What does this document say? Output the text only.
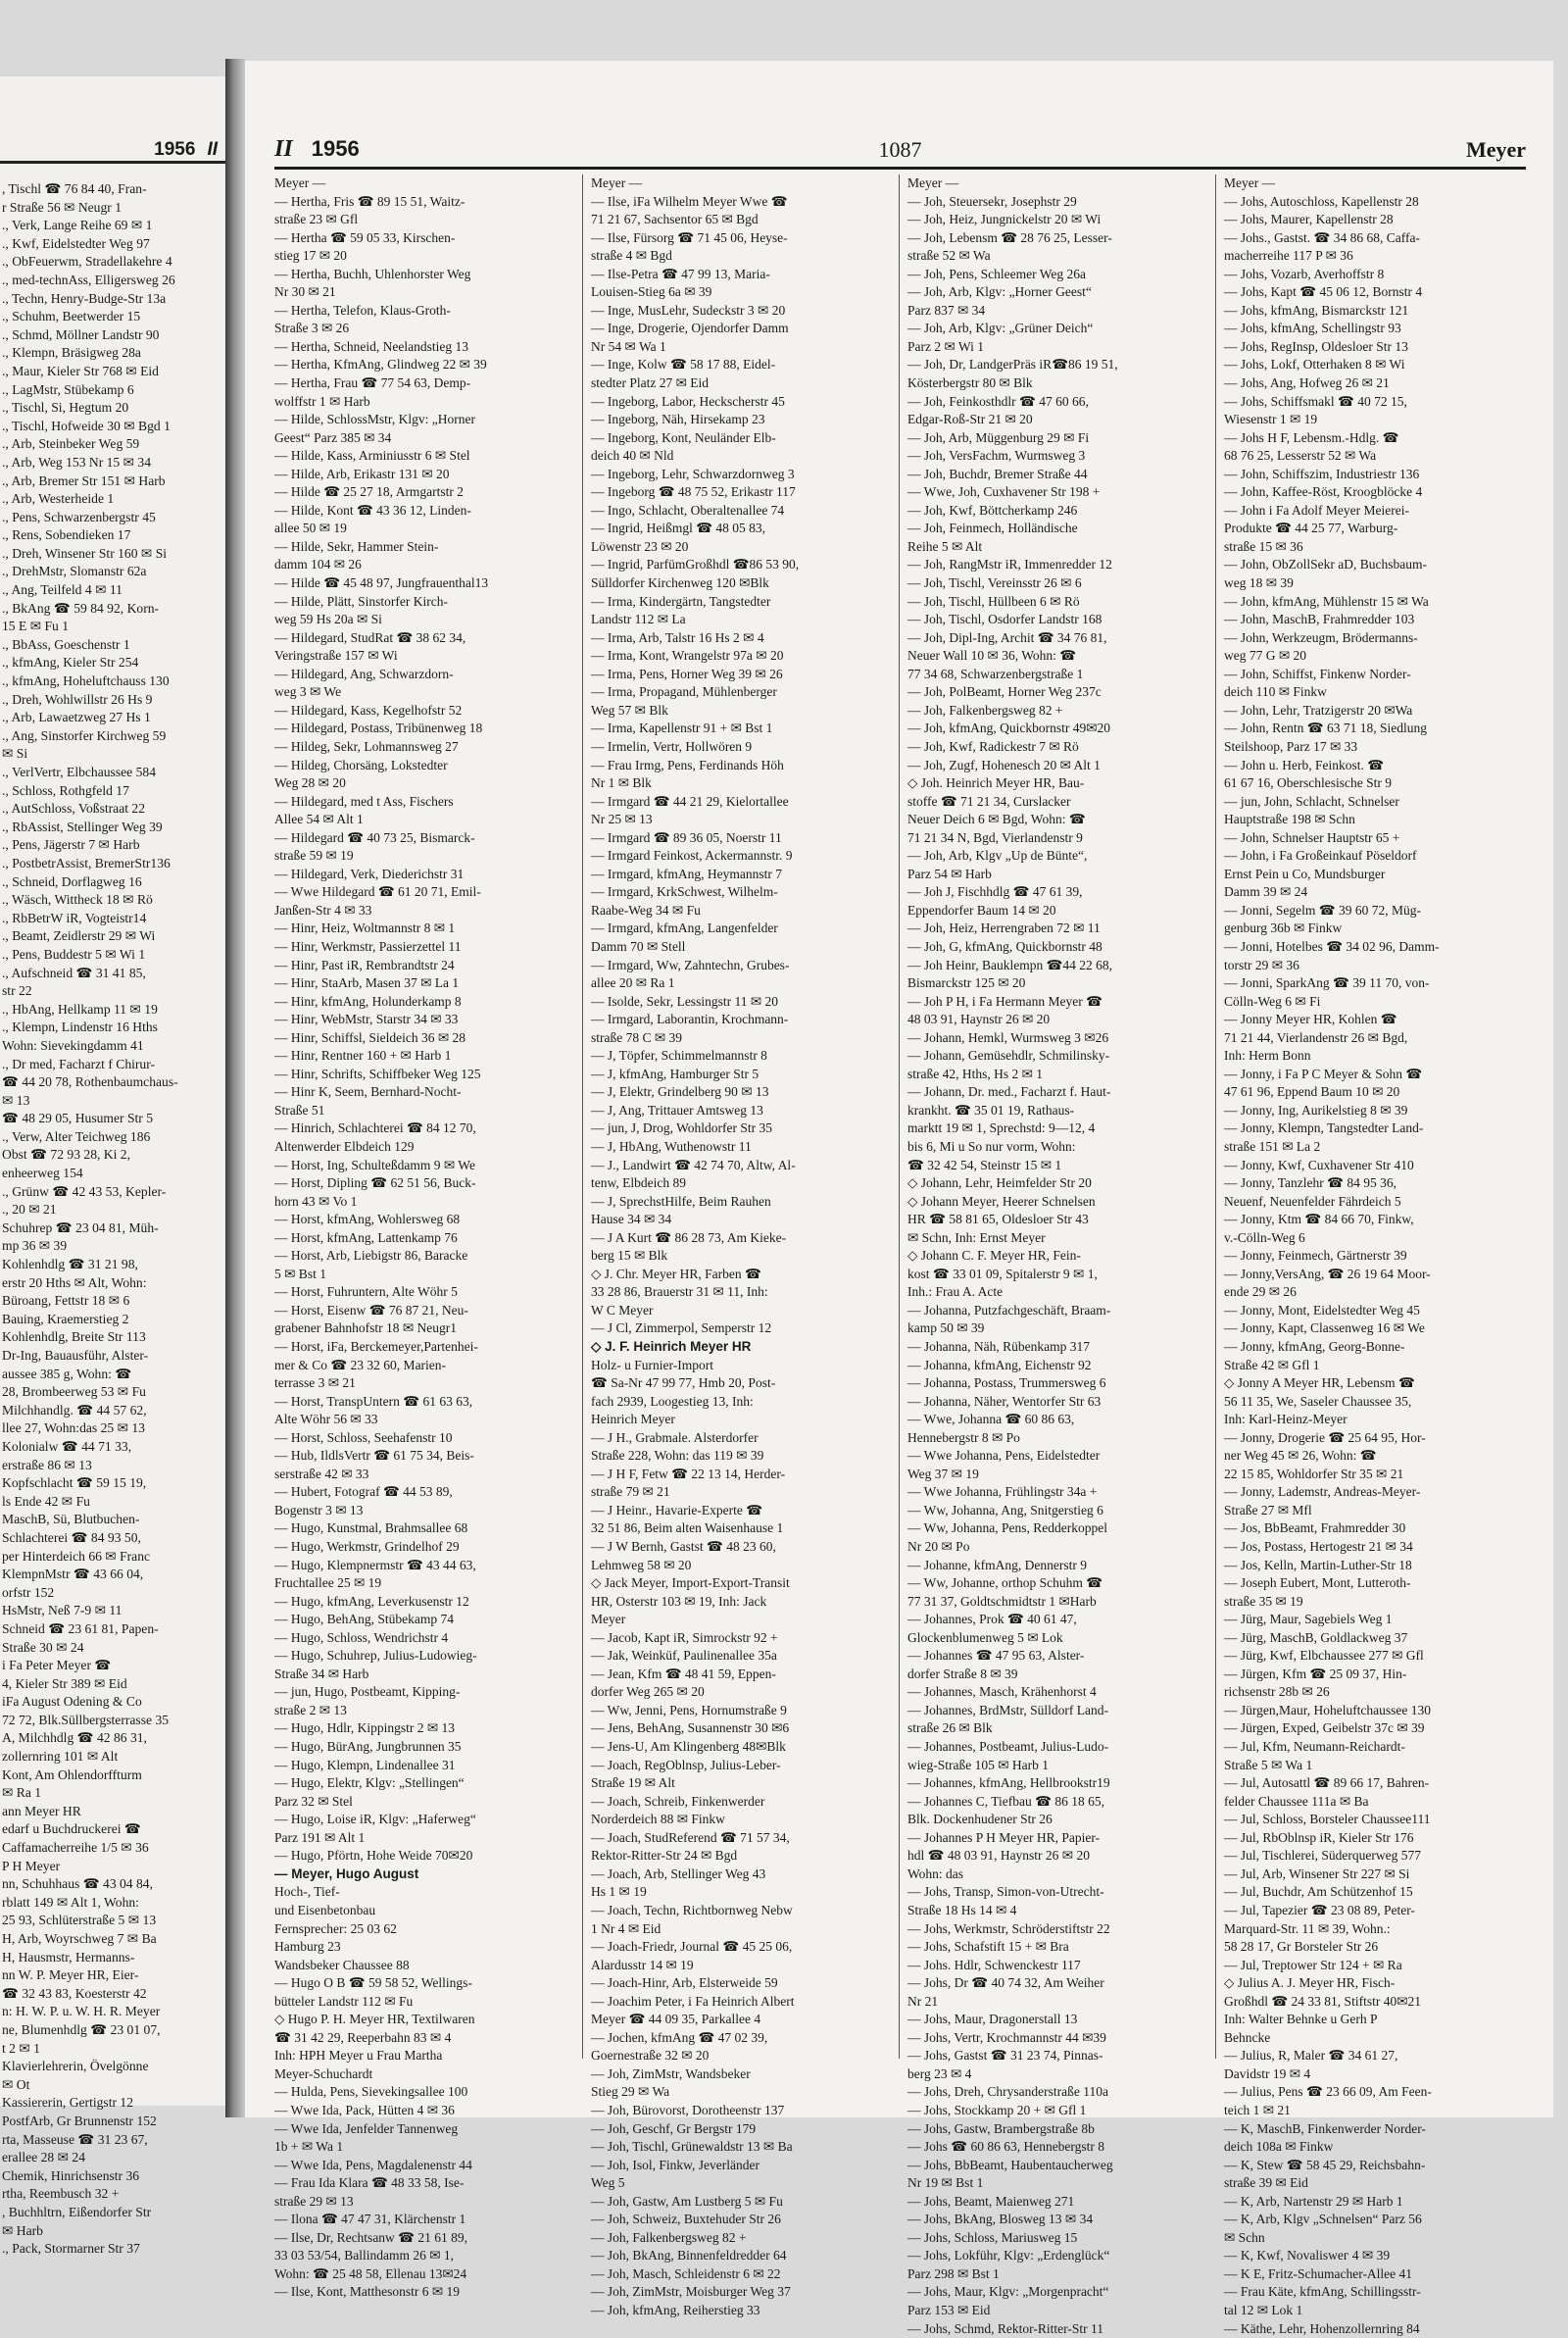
1956 II
, Tischl ☎ 76 84 40, Fran-
r Straße 56 ✉ Neugr 1
., Verk, Lange Reihe 69 ✉ 1
., Kwf, Eidelstedter Weg 97
., ObFeuerwm, Stradellakehre 4
., med-technAss, Elligersweg 26
., Techn, Henry-Budge-Str 13a
., Schuhm, Beetwerder 15
., Schmd, Möllner Landstr 90
., Klempn, Bräsigweg 28a
., Maur, Kieler Str 768 ✉ Eid
., LagMstr, Stübekamp 6
., Tischl, Si, Hegtum 20
., Tischl, Hofweide 30 ✉ Bgd 1
., Arb, Steinbeker Weg 59
., Arb, Weg 153 Nr 15 ✉ 34
., Arb, Bremer Str 151 ✉ Harb
., Arb, Westerheide 1
., Pens, Schwarzenbergstr 45
., Rens, Sobendieken 17
., Dreh, Winsener Str 160 ✉ Si
., DrehMstr, Slomanstr 62a
., Ang, Teilfeld 4 ✉ 11
., BkAng ☎ 59 84 92, Korn-
15 E ✉ Fu 1
., BbAss, Goeschenstr 1
., kfmAng, Kieler Str 254
., kfmAng, Hoheluftchauss 130
., Dreh, Wohlwillstr 26 Hs 9
., Arb, Lawaetzweg 27 Hs 1
., Ang, Sinstorfer Kirchweg 59
✉ Si
., VerlVertr, Elbchaussee 584
., Schloss, Rothgfeld 17
., AutSchloss, Voßstraat 22
., RbAssist, Stellinger Weg 39
., Pens, Jägerstr 7 ✉ Harb
., PostbetrAssist, BremerStr136
., Schneid, Dorflagweg 16
., Wäsch, Wittheck 18 ✉ Rö
., RbBetrW iR, Vogteistr14
., Beamt, Zeidlerstr 29 ✉ Wi
., Pens, Buddestr 5 ✉ Wi 1
., Aufschneid ☎ 31 41 85,
str 22
., HbAng, Hellkamp 11 ✉ 19
., Klempn, Lindenstr 16 Hths
Wohn: Sievekingdamm 41
., Dr med, Facharzt f Chirur-
☎ 44 20 78, Rothenbaumchaus-
✉ 13
☎ 48 29 05, Husumer Str 5
., Verw, Alter Teichweg 186
Obst ☎ 72 93 28, Ki 2,
enheerweg 154
., Grünw ☎ 42 43 53, Kepler-
., 20 ✉ 21
Schuhrep ☎ 23 04 81, Müh-
mp 36 ✉ 39
Kohlenhdlg ☎ 31 21 98,
erstr 20 Hths ✉ Alt, Wohn:
Büroang, Fettstr 18 ✉ 6
Bauing, Kraemerstieg 2
Kohlenhdlg, Breite Str 113
Dr-Ing, Bauausführ, Alster-
aussee 385 g, Wohn: ☎
28, Brombeerweg 53 ✉ Fu
Milchhandlg. ☎ 44 57 62,
llee 27, Wohn:das 25 ✉ 13
Kolonialw ☎ 44 71 33,
erstraße 86 ✉ 13
Kopfschlacht ☎ 59 15 19,
ls Ende 42 ✉ Fu
MaschB, Sü, Blutbuchen-
Schlachterei ☎ 84 93 50,
per Hinterdeich 66 ✉ Franc
KlempnMstr ☎ 43 66 04,
orfstr 152
HsMstr, Neß 7-9 ✉ 11
Schneid ☎ 23 61 81, Papen-
Straße 30 ✉ 24
i Fa Peter Meyer ☎
4, Kieler Str 389 ✉ Eid
iFa August Odening & Co
72 72, Blk.Süllbergsterrasse 35
A, Milchhdlg ☎ 42 86 31,
zollernring 101 ✉ Alt
Kont, Am Ohlendorffturm
✉ Ra 1
ann Meyer HR
edarf u Buchdruckerei ☎
Caffamacherreihe 1/5 ✉ 36
P H Meyer
nn, Schuhhaus ☎ 43 04 84,
rblatt 149 ✉ Alt 1, Wohn:
25 93, Schlüterstraße 5 ✉ 13
H, Arb, Woyrschweg 7 ✉ Ba
H, Hausmstr, Hermanns-
nn W. P. Meyer HR, Eier-
☎ 32 43 83, Koesterstr 42
n: H. W. P. u. W. H. R. Meyer
ne, Blumenhdlg ☎ 23 01 07,
t 2 ✉ 1
Klavierlehrerin, Övelgönne
✉ Ot
Kassiererin, Gertigstr 12
PostfArb, Gr Brunnenstr 152
rta, Masseuse ☎ 31 23 67,
erallee 28 ✉ 24
Chemik, Hinrichsenstr 36
rtha, Reembusch 32 +
, Buchhltrn, Eißendorfer Str
✉ Harb
., Pack, Stormarner Str 37
II 1956	1087	Meyer
Meyer —
— Hertha, Fris ☎ 89 15 51, Waitz-
straße 23 ✉ Gfl
— Hertha ☎ 59 05 33, Kirschen-
stieg 17 ✉ 20
— Hertha, Buchh, Uhlenhorster Weg
Nr 30 ✉ 21
— Hertha, Telefon, Klaus-Groth-
Straße 3 ✉ 26
— Hertha, Schneid, Neelandstieg 13
— Hertha, KfmAng, Glindweg 22 ✉ 39
— Hertha, Frau ☎ 77 54 63, Demp-
wolffstr 1 ✉ Harb
— Hilde, SchlossMstr, Klgv: „Horner
Geest“ Parz 385 ✉ 34
— Hilde, Kass, Arminiusstr 6 ✉ Stel
— Hilde, Arb, Erikastr 131 ✉ 20
— Hilde ☎ 25 27 18, Armgartstr 2
— Hilde, Kont ☎ 43 36 12, Linden-
allee 50 ✉ 19
— Hilde, Sekr, Hammer Stein-
damm 104 ✉ 26
— Hilde ☎ 45 48 97, Jungfrauenthal13
— Hilde, Plätt, Sinstorfer Kirch-
weg 59 Hs 20a ✉ Si
— Hildegard, StudRat ☎ 38 62 34,
Veringstraße 157 ✉ Wi
— Hildegard, Ang, Schwarzdorn-
weg 3 ✉ We
— Hildegard, Kass, Kegelhofstr 52
— Hildegard, Postass, Tribünenweg 18
— Hildeg, Sekr, Lohmannsweg 27
— Hildeg, Chorsäng, Lokstedter
Weg 28 ✉ 20
— Hildegard, med t Ass, Fischers
Allee 54 ✉ Alt 1
— Hildegard ☎ 40 73 25, Bismarck-
straße 59 ✉ 19
— Hildegard, Verk, Diederichstr 31
— Wwe Hildegard ☎ 61 20 71, Emil-
Janßen-Str 4 ✉ 33
— Hinr, Heiz, Woltmannstr 8 ✉ 1
— Hinr, Werkmstr, Passierzettel 11
— Hinr, Past iR, Rembrandtstr 24
— Hinr, StaArb, Masen 37 ✉ La 1
— Hinr, kfmAng, Holunderkamp 8
— Hinr, WebMstr, Starstr 34 ✉ 33
— Hinr, Schiffsl, Sieldeich 36 ✉ 28
— Hinr, Rentner 160 + ✉ Harb 1
— Hinr, Schrifts, Schiffbeker Weg 125
— Hinr K, Seem, Bernhard-Nocht-
Straße 51
— Hinrich, Schlachterei ☎ 84 12 70,
Altenwerder Elbdeich 129
— Horst, Ing, Schulteßdamm 9 ✉ We
— Horst, Dipling ☎ 62 51 56, Buck-
horn 43 ✉ Vo 1
— Horst, kfmAng, Wohlersweg 68
— Horst, kfmAng, Lattenkamp 76
— Horst, Arb, Liebigstr 86, Baracke
5 ✉ Bst 1
— Horst, Fuhruntern, Alte Wöhr 5
— Horst, Eisenw ☎ 76 87 21, Neu-
grabener Bahnhofstr 18 ✉ Neugr1
— Horst, iFa, Berckemeyer,Partenhei-
mer & Co ☎ 23 32 60, Marien-
terrasse 3 ✉ 21
— Horst, TranspUntern ☎ 61 63 63,
Alte Wöhr 56 ✉ 33
— Horst, Schloss, Seehafenstr 10
— Hub, IldlsVertr ☎ 61 75 34, Beis-
serstraße 42 ✉ 33
— Hubert, Fotograf ☎ 44 53 89,
Bogenstr 3 ✉ 13
— Hugo, Kunstmal, Brahmsallee 68
— Hugo, Werkmstr, Grindelhof 29
— Hugo, Klempnermstr ☎ 43 44 63,
Fruchtallee 25 ✉ 19
— Hugo, kfmAng, Leverkusenstr 12
— Hugo, BehAng, Stübekamp 74
— Hugo, Schloss, Wendrichstr 4
— Hugo, Schuhrep, Julius-Ludowieg-
Straße 34 ✉ Harb
— jun, Hugo, Postbeamt, Kipping-
straße 2 ✉ 13
— Hugo, Hdlr, Kippingstr 2 ✉ 13
— Hugo, BürAng, Jungbrunnen 35
— Hugo, Klempn, Lindenallee 31
— Hugo, Elektr, Klgv: „Stellingen“
Parz 32 ✉ Stel
— Hugo, Loise iR, Klgv: „Haferweg“
Parz 191 ✉ Alt 1
— Hugo, Pförtn, Hohe Weide 70✉20
— Meyer, Hugo August
Hoch-, Tief-
und Eisenbetonbau
Fernsprecher: 25 03 62
Hamburg 23
Wandsbeker Chaussee 88
— Hugo O B ☎ 59 58 52, Wellings-
bütteler Landstr 112 ✉ Fu
◇ Hugo P. H. Meyer HR, Textilwaren
☎ 31 42 29, Reeperbahn 83 ✉ 4
Inh: HPH Meyer u Frau Martha
Meyer-Schuchardt
— Hulda, Pens, Sievekingsallee 100
— Wwe Ida, Pack, Hütten 4 ✉ 36
— Wwe Ida, Jenfelder Tannenweg
1b + ✉ Wa 1
— Wwe Ida, Pens, Magdalenenstr 44
— Frau Ida Klara ☎ 48 33 58, Ise-
straße 29 ✉ 13
— Ilona ☎ 47 47 31, Klärchenstr 1
— Ilse, Dr, Rechtsanw ☎ 21 61 89,
33 03 53/54, Ballindamm 26 ✉ 1,
Wohn: ☎ 25 48 58, Ellenau 13✉24
— Ilse, Kont, Matthesonstr 6 ✉ 19
Meyer —
— Ilse, iFa Wilhelm Meyer Wwe ☎
71 21 67, Sachsentor 65 ✉ Bgd
— Ilse, Fürsorg ☎ 71 45 06, Heyse-
straße 4 ✉ Bgd
— Ilse-Petra ☎ 47 99 13, Maria-
Louisen-Stieg 6a ✉ 39
— Inge, MusLehr, Sudeckstr 3 ✉ 20
— Inge, Drogerie, Ojendorfer Damm
Nr 54 ✉ Wa 1
— Inge, Kolw ☎ 58 17 88, Eidel-
stedter Platz 27 ✉ Eid
— Ingeborg, Labor, Heckscherstr 45
— Ingeborg, Näh, Hirsekamp 23
— Ingeborg, Kont, Neuländer Elb-
deich 40 ✉ Nld
— Ingeborg, Lehr, Schwarzdornweg 3
— Ingeborg ☎ 48 75 52, Erikastr 117
— Ingo, Schlacht, Oberaltenallee 74
— Ingrid, Heißmgl ☎ 48 05 83,
Löwenstr 23 ✉ 20
— Ingrid, ParfümGroßhdl ☎86 53 90,
Sülldorfer Kirchenweg 120 ✉Blk
— Irma, Kindergärtn, Tangstedter
Landstr 112 ✉ La
— Irma, Arb, Talstr 16 Hs 2 ✉ 4
— Irma, Kont, Wrangelstr 97a ✉ 20
— Irma, Pens, Horner Weg 39 ✉ 26
— Irma, Propagand, Mühlenberger
Weg 57 ✉ Blk
— Irma, Kapellenstr 91 + ✉ Bst 1
— Irmelin, Vertr, Hollwören 9
— Frau Irmg, Pens, Ferdinands Höh
Nr 1 ✉ Blk
— Irmgard ☎ 44 21 29, Kielortallee
Nr 25 ✉ 13
— Irmgard ☎ 89 36 05, Noerstr 11
— Irmgard Feinkost, Ackermannstr. 9
— Irmgard, kfmAng, Heymannstr 7
— Irmgard, KrkSchwest, Wilhelm-
Raabe-Weg 34 ✉ Fu
— Irmgard, kfmAng, Langenfelder
Damm 70 ✉ Stell
— Irmgard, Ww, Zahntechn, Grubes-
allee 20 ✉ Ra 1
— Isolde, Sekr, Lessingstr 11 ✉ 20
— Irmgard, Laborantin, Krochmann-
straße 78 C ✉ 39
— J, Töpfer, Schimmelmannstr 8
— J, kfmAng, Hamburger Str 5
— J, Elektr, Grindelberg 90 ✉ 13
— J, Ang, Trittauer Amtsweg 13
— jun, J, Drog, Wohldorfer Str 35
— J, HbAng, Wuthenowstr 11
— J., Landwirt ☎ 42 74 70, Altw, Al-
tenw, Elbdeich 89
— J, SprechstHilfe, Beim Rauhen
Hause 34 ✉ 34
— J A Kurt ☎ 86 28 73, Am Kieke-
berg 15 ✉ Blk
◇ J. Chr. Meyer HR, Farben ☎
33 28 86, Brauerstr 31 ✉ 11, Inh:
W C Meyer
— J Cl, Zimmerpol, Semperstr 12
◇ J. F. Heinrich Meyer HR
Holz- u Furnier-Import
☎ Sa-Nr 47 99 77, Hmb 20, Post-
fach 2939, Loogestieg 13, Inh:
Heinrich Meyer
— J H., Grabmale. Alsterdorfer
Straße 228, Wohn: das 119 ✉ 39
— J H F, Fetw ☎ 22 13 14, Herder-
straße 79 ✉ 21
— J Heinr., Havarie-Experte ☎
32 51 86, Beim alten Waisenhause 1
— J W Bernh, Gastst ☎ 48 23 60,
Lehmweg 58 ✉ 20
◇ Jack Meyer, Import-Export-Transit
HR, Osterstr 103 ✉ 19, Inh: Jack
Meyer
— Jacob, Kapt iR, Simrockstr 92 +
— Jak, Weinküf, Paulinenallee 35a
— Jean, Kfm ☎ 48 41 59, Eppen-
dorfer Weg 265 ✉ 20
— Ww, Jenni, Pens, Hornumstraße 9
— Jens, BehAng, Susannenstr 30 ✉6
— Jens-U, Am Klingenberg 48✉Blk
— Joach, RegOblnsp, Julius-Leber-
Straße 19 ✉ Alt
— Joach, Schreib, Finkenwerder
Norderdeich 88 ✉ Finkw
— Joach, StudReferend ☎ 71 57 34,
Rektor-Ritter-Str 24 ✉ Bgd
— Joach, Arb, Stellinger Weg 43
Hs 1 ✉ 19
— Joach, Techn, Richtbornweg Nebw
1 Nr 4 ✉ Eid
— Joach-Friedr, Journal ☎ 45 25 06,
Alardusstr 14 ✉ 19
— Joach-Hinr, Arb, Elsterweide 59
— Joachim Peter, i Fa Heinrich Albert
Meyer ☎ 44 09 35, Parkallee 4
— Jochen, kfmAng ☎ 47 02 39,
Goernestraße 32 ✉ 20
— Joh, ZimMstr, Wandsbeker
Stieg 29 ✉ Wa
— Joh, Bürovorst, Dorotheenstr 137
— Joh, Geschf, Gr Bergstr 179
— Joh, Tischl, Grünewaldstr 13 ✉ Ba
— Joh, Isol, Finkw, Jeverländer
Weg 5
— Joh, Gastw, Am Lustberg 5 ✉ Fu
— Joh, Schweiz, Buxtehuder Str 26
— Joh, Falkenbergsweg 82 +
— Joh, BkAng, Binnenfeldredder 64
— Joh, Masch, Schleidenstr 6 ✉ 22
— Joh, ZimMstr, Moisburger Weg 37
— Joh, kfmAng, Reiherstieg 33
Meyer —
— Joh, Steuersekr, Josephstr 29
— Joh, Heiz, Jungnickelstr 20 ✉ Wi
— Joh, Lebensm ☎ 28 76 25, Lesser-
straße 52 ✉ Wa
— Joh, Pens, Schleemer Weg 26a
— Joh, Arb, Klgv: „Horner Geest“
Parz 837 ✉ 34
— Joh, Arb, Klgv: „Grüner Deich“
Parz 2 ✉ Wi 1
— Joh, Dr, LandgerPräs iR☎86 19 51,
Kösterbergstr 80 ✉ Blk
— Joh, Feinkosthdlr ☎ 47 60 66,
Edgar-Roß-Str 21 ✉ 20
— Joh, Arb, Müggenburg 29 ✉ Fi
— Joh, VersFachm, Wurmsweg 3
— Joh, Buchdr, Bremer Straße 44
— Wwe, Joh, Cuxhavener Str 198 +
— Joh, Kwf, Böttcherkamp 246
— Joh, Feinmech, Holländische
Reihe 5 ✉ Alt
— Joh, RangMstr iR, Immenredder 12
— Joh, Tischl, Vereinsstr 26 ✉ 6
— Joh, Tischl, Hüllbeen 6 ✉ Rö
— Joh, Tischl, Osdorfer Landstr 168
— Joh, Dipl-Ing, Archit ☎ 34 76 81,
Neuer Wall 10 ✉ 36, Wohn: ☎
77 34 68, Schwarzenbergstraße 1
— Joh, PolBeamt, Horner Weg 237c
— Joh, Falkenbergsweg 82 +
— Joh, kfmAng, Quickbornstr 49✉20
— Joh, Kwf, Radickestr 7 ✉ Rö
— Joh, Zugf, Hohenesch 20 ✉ Alt 1
◇ Joh. Heinrich Meyer HR, Bau-
stoffe ☎ 71 21 34, Curslacker
Neuer Deich 6 ✉ Bgd, Wohn: ☎
71 21 34 N, Bgd, Vierlandenstr 9
— Joh, Arb, Klgv „Up de Bünte“,
Parz 54 ✉ Harb
— Joh J, Fischhdlg ☎ 47 61 39,
Eppendorfer Baum 14 ✉ 20
— Joh, Heiz, Herrengraben 72 ✉ 11
— Joh, G, kfmAng, Quickbornstr 48
— Joh Heinr, Bauklempn ☎44 22 68,
Bismarckstr 125 ✉ 20
— Joh P H, i Fa Hermann Meyer ☎
48 03 91, Haynstr 26 ✉ 20
— Johann, Hemkl, Wurmsweg 3 ✉26
— Johann, Gemüsehdlr, Schmilinsky-
straße 42, Hths, Hs 2 ✉ 1
— Johann, Dr. med., Facharzt f. Haut-
krankht. ☎ 35 01 19, Rathaus-
marktt 19 ✉ 1, Sprechstd: 9—12, 4
bis 6, Mi u So nur vorm, Wohn:
☎ 32 42 54, Steinstr 15 ✉ 1
◇ Johann, Lehr, Heimfelder Str 20
◇ Johann Meyer, Heerer Schnelsen
HR ☎ 58 81 65, Oldesloer Str 43
✉ Schn, Inh: Ernst Meyer
◇ Johann C. F. Meyer HR, Fein-
kost ☎ 33 01 09, Spitalerstr 9 ✉ 1,
Inh.: Frau A. Acte
— Johanna, Putzfachgeschäft, Braam-
kamp 50 ✉ 39
— Johanna, Näh, Rübenkamp 317
— Johanna, kfmAng, Eichenstr 92
— Johanna, Postass, Trummersweg 6
— Johanna, Näher, Wentorfer Str 63
— Wwe, Johanna ☎ 60 86 63,
Hennebergstr 8 ✉ Po
— Wwe Johanna, Pens, Eidelstedter
Weg 37 ✉ 19
— Wwe Johanna, Frühlingstr 34a +
— Ww, Johanna, Ang, Snitgerstieg 6
— Ww, Johanna, Pens, Redderkoppel
Nr 20 ✉ Po
— Johanne, kfmAng, Dennerstr 9
— Ww, Johanne, orthop Schuhm ☎
77 31 37, Goldtschmidtstr 1 ✉Harb
— Johannes, Prok ☎ 40 61 47,
Glockenblumenweg 5 ✉ Lok
— Johannes ☎ 47 95 63, Alster-
dorfer Straße 8 ✉ 39
— Johannes, Masch, Krähenhorst 4
— Johannes, BrdMstr, Sülldorf Land-
straße 26 ✉ Blk
— Johannes, Postbeamt, Julius-Ludo-
wieg-Straße 105 ✉ Harb 1
— Johannes, kfmAng, Hellbrookstr19
— Johannes C, Tiefbau ☎ 86 18 65,
Blk. Dockenhudener Str 26
— Johannes P H Meyer HR, Papier-
hdl ☎ 48 03 91, Haynstr 26 ✉ 20
Wohn: das
— Johs, Transp, Simon-von-Utrecht-
Straße 18 Hs 14 ✉ 4
— Johs, Werkmstr, Schröderstiftstr 22
— Johs, Schafstift 15 + ✉ Bra
— Johs. Hdlr, Schwenckestr 117
— Johs, Dr ☎ 40 74 32, Am Weiher
Nr 21
— Johs, Maur, Dragonerstall 13
— Johs, Vertr, Krochmannstr 44 ✉39
— Johs, Gastst ☎ 31 23 74, Pinnas-
berg 23 ✉ 4
— Johs, Dreh, Chrysanderstraße 110a
— Johs, Stockkamp 20 + ✉ Gfl 1
— Johs, Gastw, Brambergstraße 8b
— Johs ☎ 60 86 63, Hennebergstr 8
— Johs, BbBeamt, Haubentaucherweg
Nr 19 ✉ Bst 1
— Johs, Beamt, Maienweg 271
— Johs, BkAng, Blosweg 13 ✉ 34
— Johs, Schloss, Mariusweg 15
— Johs, Lokführ, Klgv: „Erdenglück“
Parz 298 ✉ Bst 1
— Johs, Maur, Klgv: „Morgenpracht“
Parz 153 ✉ Eid
— Johs, Schmd, Rektor-Ritter-Str 11
Meyer —
— Johs, Autoschloss, Kapellenstr 28
— Johs, Maurer, Kapellenstr 28
— Johs., Gastst. ☎ 34 86 68, Caffa-
macherreihe 117 P ✉ 36
— Johs, Vozarb, Averhoffstr 8
— Johs, Kapt ☎ 45 06 12, Bornstr 4
— Johs, kfmAng, Bismarckstr 121
— Johs, kfmAng, Schellingstr 93
— Johs, RegInsp, Oldesloer Str 13
— Johs, Lokf, Otterhaken 8 ✉ Wi
— Johs, Ang, Hofweg 26 ✉ 21
— Johs, Schiffsmakl ☎ 40 72 15,
Wiesenstr 1 ✉ 19
— Johs H F, Lebensm.-Hdlg. ☎
68 76 25, Lesserstr 52 ✉ Wa
— John, Schiffszim, Industriestr 136
— John, Kaffee-Röst, Kroogblöcke 4
— John i Fa Adolf Meyer Meierei-
Produkte ☎ 44 25 77, Warburg-
straße 15 ✉ 36
— John, ObZollSekr aD, Buchsbaum-
weg 18 ✉ 39
— John, kfmAng, Mühlenstr 15 ✉ Wa
— John, MaschB, Frahmredder 103
— John, Werkzeugm, Brödermanns-
weg 77 G ✉ 20
— John, Schiffst, Finkenw Norder-
deich 110 ✉ Finkw
— John, Lehr, Tratzigerstr 20 ✉Wa
— John, Rentn ☎ 63 71 18, Siedlung
Steilshoop, Parz 17 ✉ 33
— John u. Herb, Feinkost. ☎
61 67 16, Oberschlesische Str 9
— jun, John, Schlacht, Schnelser
Hauptstraße 198 ✉ Schn
— John, Schnelser Hauptstr 65 +
— John, i Fa Großeinkauf Pöseldorf
Ernst Pein u Co, Mundsburger
Damm 39 ✉ 24
— Jonni, Segelm ☎ 39 60 72, Müg-
genburg 36b ✉ Finkw
— Jonni, Hotelbes ☎ 34 02 96, Damm-
torstr 29 ✉ 36
— Jonni, SparkAng ☎ 39 11 70, von-
Cölln-Weg 6 ✉ Fi
— Jonny Meyer HR, Kohlen ☎
71 21 44, Vierlandenstr 26 ✉ Bgd,
Inh: Herm Bonn
— Jonny, i Fa P C Meyer & Sohn ☎
47 61 96, Eppend Baum 10 ✉ 20
— Jonny, Ing, Aurikelstieg 8 ✉ 39
— Jonny, Klempn, Tangstedter Land-
straße 151 ✉ La 2
— Jonny, Kwf, Cuxhavener Str 410
— Jonny, Tanzlehr ☎ 84 95 36,
Neuenf, Neuenfelder Fährdeich 5
— Jonny, Ktm ☎ 84 66 70, Finkw,
v.-Cölln-Weg 6
— Jonny, Feinmech, Gärtnerstr 39
— Jonny,VersAng, ☎ 26 19 64 Moor-
ende 29 ✉ 26
— Jonny, Mont, Eidelstedter Weg 45
— Jonny, Kapt, Classenweg 16 ✉ We
— Jonny, kfmAng, Georg-Bonne-
Straße 42 ✉ Gfl 1
◇ Jonny A Meyer HR, Lebensm ☎
56 11 35, We, Saseler Chaussee 35,
Inh: Karl-Heinz-Meyer
— Jonny, Drogerie ☎ 25 64 95, Hor-
ner Weg 45 ✉ 26, Wohn: ☎
22 15 85, Wohldorfer Str 35 ✉ 21
— Jonny, Lademstr, Andreas-Meyer-
Straße 27 ✉ Mfl
— Jos, BbBeamt, Frahmredder 30
— Jos, Postass, Hertogestr 21 ✉ 34
— Jos, Kelln, Martin-Luther-Str 18
— Joseph Eubert, Mont, Lutteroth-
straße 35 ✉ 19
— Jürg, Maur, Sagebiels Weg 1
— Jürg, MaschB, Goldlackweg 37
— Jürg, Kwf, Elbchaussee 277 ✉ Gfl
— Jürgen, Kfm ☎ 25 09 37, Hin-
richsenstr 28b ✉ 26
— Jürgen,Maur, Hoheluftchaussee 130
— Jürgen, Exped, Geibelstr 37c ✉ 39
— Jul, Kfm, Neumann-Reichardt-
Straße 5 ✉ Wa 1
— Jul, Autosattl ☎ 89 66 17, Bahren-
felder Chaussee 111a ✉ Ba
— Jul, Schloss, Borsteler Chaussee111
— Jul, RbOblnsp iR, Kieler Str 176
— Jul, Tischlerei, Süderquerweg 577
— Jul, Arb, Winsener Str 227 ✉ Si
— Jul, Buchdr, Am Schützenhof 15
— Jul, Tapezier ☎ 23 08 89, Peter-
Marquard-Str. 11 ✉ 39, Wohn.:
58 28 17, Gr Borsteler Str 26
— Jul, Treptower Str 124 + ✉ Ra
◇ Julius A. J. Meyer HR, Fisch-
Großhdl ☎ 24 33 81, Stiftstr 40✉21
Inh: Walter Behnke u Gerh P
Behncke
— Julius, R, Maler ☎ 34 61 27,
Davidstr 19 ✉ 4
— Julius, Pens ☎ 23 66 09, Am Feen-
teich 1 ✉ 21
— K, MaschB, Finkenwerder Norder-
deich 108a ✉ Finkw
— K, Stew ☎ 58 45 29, Reichsbahn-
straße 39 ✉ Eid
— K, Arb, Nartenstr 29 ✉ Harb 1
— K, Arb, Klgv „Schnelsen“ Parz 56
✉ Schn
— K, Kwf, Novaliswег 4 ✉ 39
— K E, Fritz-Schumacher-Allee 41
— Frau Käte, kfmAng, Schillingsstr-
tal 12 ✉ Lok 1
— Käthe, Lehr, Hohenzollernring 84
